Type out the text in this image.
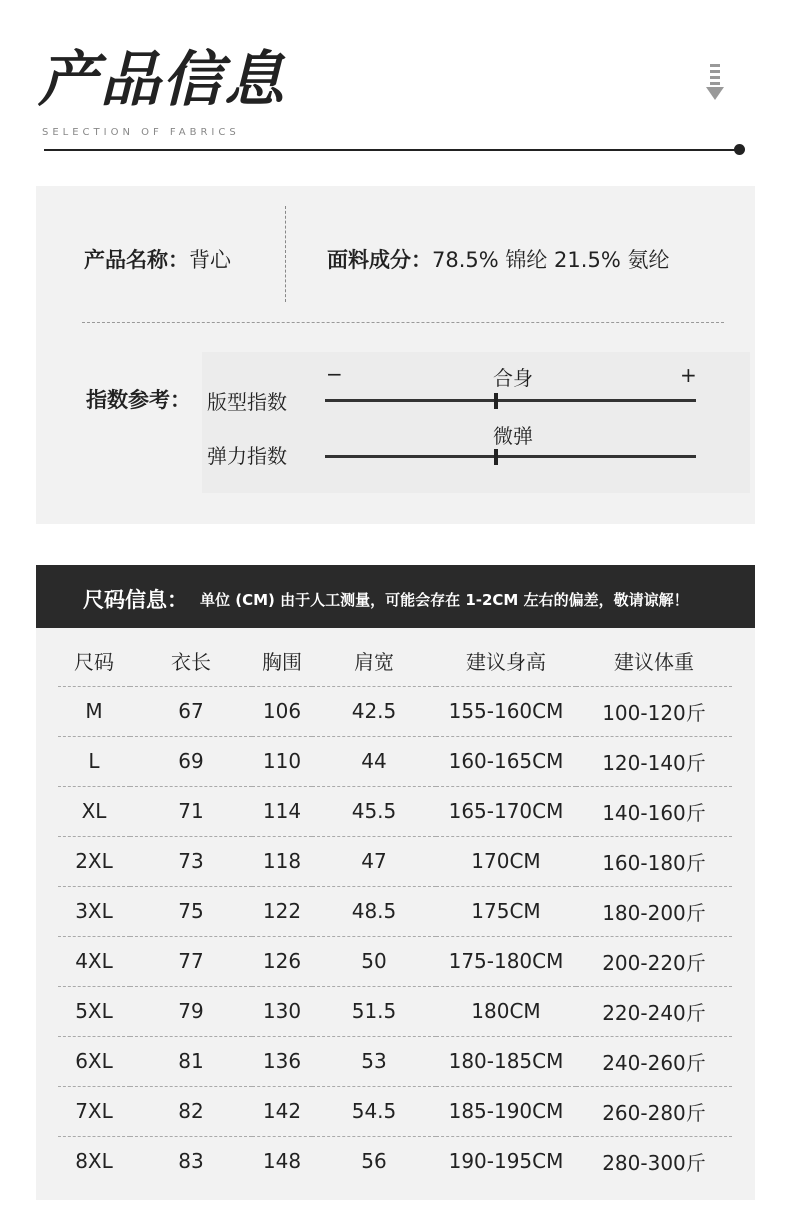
产品信息
SELECTION OF FABRICS
产品名称：背心	面料成分：78.5% 锦纶 21.5% 氨纶
指数参考：
−	+
合身
版型指数
微弹
弹力指数
尺码信息： 单位 (CM) 由于人工测量，可能会存在 1-2CM 左右的偏差，敬请谅解！
尺码	衣长	胸围	肩宽	建议身高	建议体重
M	67	106	42.5	155-160CM	100-120斤
L	69	110	44	160-165CM	120-140斤
XL	71	114	45.5	165-170CM	140-160斤
2XL	73	118	47	170CM	160-180斤
3XL	75	122	48.5	175CM	180-200斤
4XL	77	126	50	175-180CM	200-220斤
5XL	79	130	51.5	180CM	220-240斤
6XL	81	136	53	180-185CM	240-260斤
7XL	82	142	54.5	185-190CM	260-280斤
8XL	83	148	56	190-195CM	280-300斤
